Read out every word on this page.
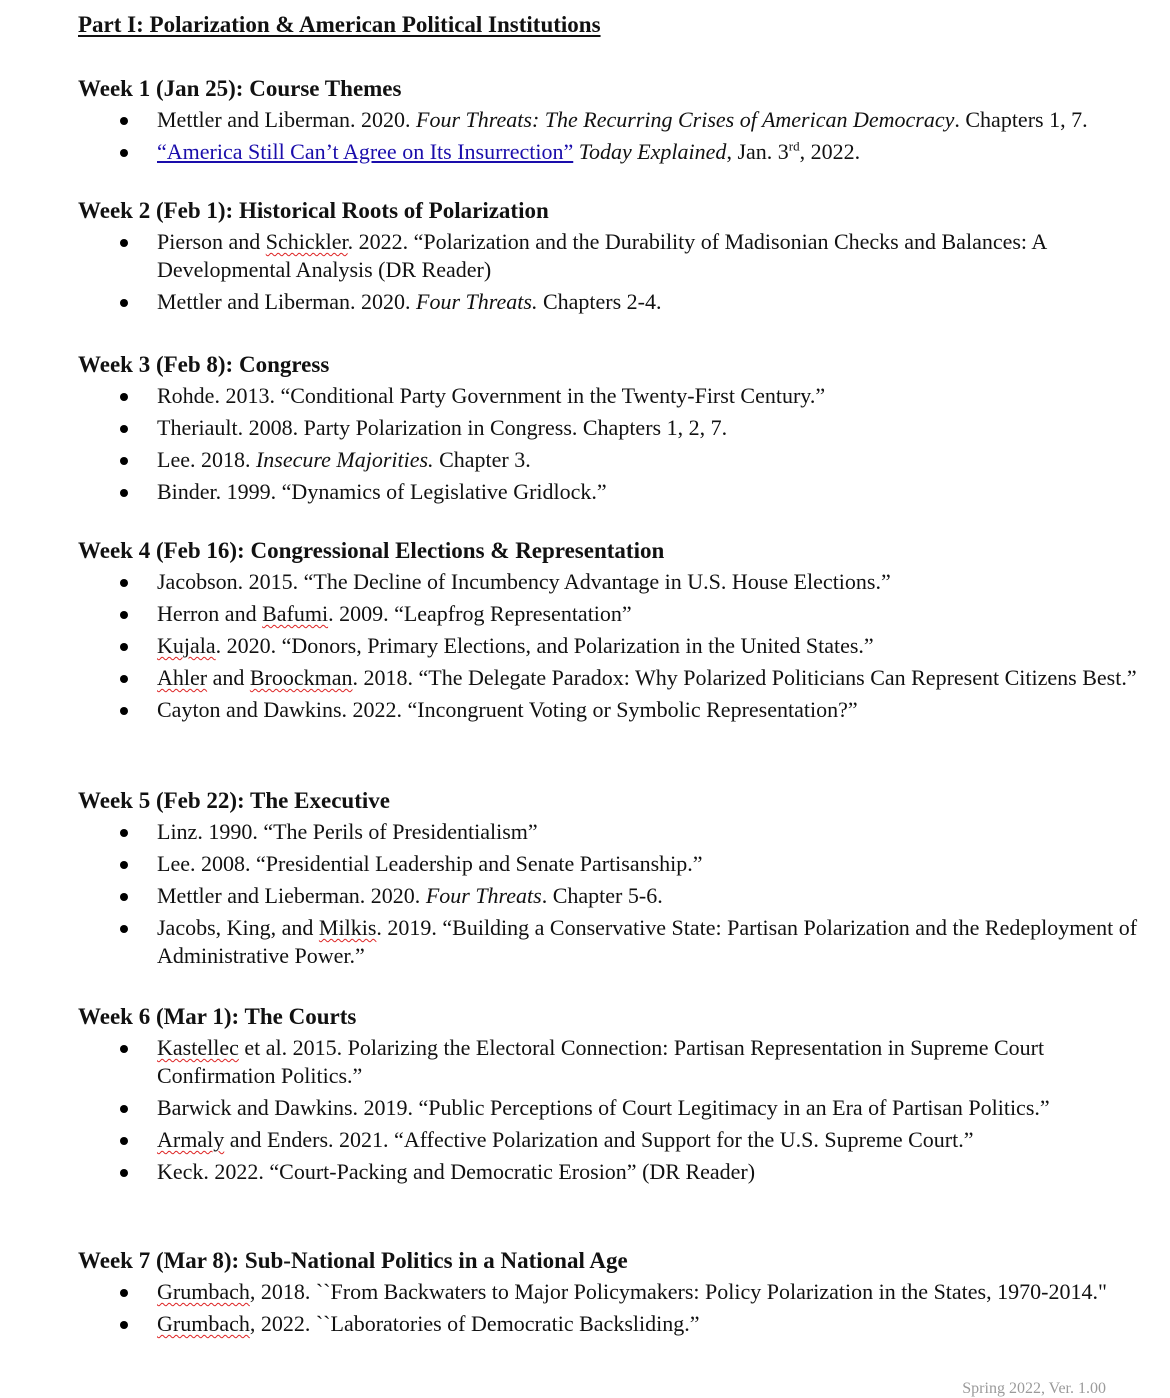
Part I: Polarization & American Political Institutions
Week 1 (Jan 25): Course Themes
Mettler and Liberman. 2020. Four Threats: The Recurring Crises of American Democracy. Chapters 1, 7.
“America Still Can’t Agree on Its Insurrection” Today Explained, Jan. 3rd, 2022.
Week 2 (Feb 1): Historical Roots of Polarization
Pierson and Schickler. 2022. “Polarization and the Durability of Madisonian Checks and Balances: A Developmental Analysis (DR Reader)
Mettler and Liberman. 2020. Four Threats. Chapters 2-4.
Week 3 (Feb 8): Congress
Rohde. 2013. “Conditional Party Government in the Twenty-First Century.”
Theriault. 2008. Party Polarization in Congress. Chapters 1, 2, 7.
Lee. 2018. Insecure Majorities. Chapter 3.
Binder. 1999. “Dynamics of Legislative Gridlock.”
Week 4 (Feb 16): Congressional Elections & Representation
Jacobson. 2015. “The Decline of Incumbency Advantage in U.S. House Elections.”
Herron and Bafumi. 2009. “Leapfrog Representation”
Kujala. 2020. “Donors, Primary Elections, and Polarization in the United States.”
Ahler and Broockman. 2018. “The Delegate Paradox: Why Polarized Politicians Can Represent Citizens Best.”
Cayton and Dawkins. 2022. “Incongruent Voting or Symbolic Representation?”
Week 5 (Feb 22): The Executive
Linz. 1990. “The Perils of Presidentialism”
Lee. 2008. “Presidential Leadership and Senate Partisanship.”
Mettler and Lieberman. 2020. Four Threats. Chapter 5-6.
Jacobs, King, and Milkis. 2019. “Building a Conservative State: Partisan Polarization and the Redeployment of Administrative Power.”
Week 6 (Mar 1): The Courts
Kastellec et al. 2015. Polarizing the Electoral Connection: Partisan Representation in Supreme Court Confirmation Politics.”
Barwick and Dawkins. 2019. “Public Perceptions of Court Legitimacy in an Era of Partisan Politics.”
Armaly and Enders. 2021. “Affective Polarization and Support for the U.S. Supreme Court.”
Keck. 2022. “Court-Packing and Democratic Erosion” (DR Reader)
Week 7 (Mar 8): Sub-National Politics in a National Age
Grumbach, 2018. ``From Backwaters to Major Policymakers: Policy Polarization in the States, 1970-2014."
Grumbach, 2022. ``Laboratories of Democratic Backsliding.”
Spring 2022, Ver. 1.00
